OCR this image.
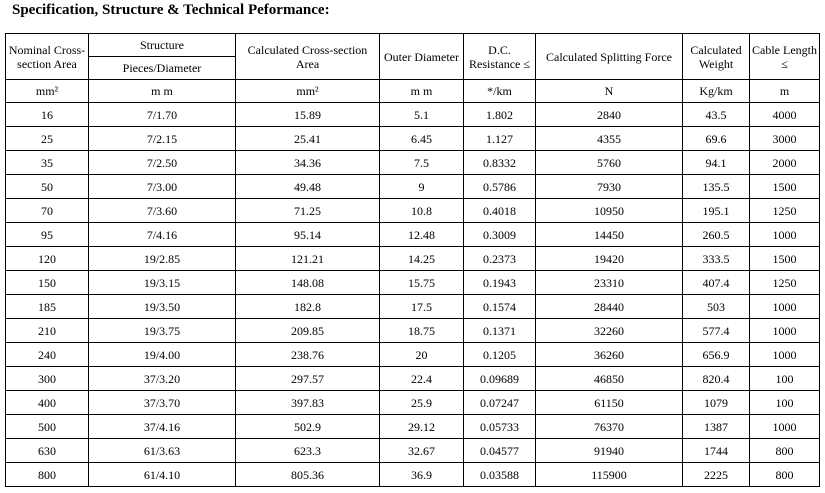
Specification, Structure & Technical Peformance:
Nominal Cross-section Area	Structure	Calculated Cross-section Area	Outer Diameter	D.C. Resistance ≤	Calculated Splitting Force	Calculated Weight	Cable Length ≤
	Pieces/Diameter						
mm²	m m	mm²	m m	*/km	N	Kg/km	m
16	7/1.70	15.89	5.1	1.802	2840	43.5	4000
25	7/2.15	25.41	6.45	1.127	4355	69.6	3000
35	7/2.50	34.36	7.5	0.8332	5760	94.1	2000
50	7/3.00	49.48	9	0.5786	7930	135.5	1500
70	7/3.60	71.25	10.8	0.4018	10950	195.1	1250
95	7/4.16	95.14	12.48	0.3009	14450	260.5	1000
120	19/2.85	121.21	14.25	0.2373	19420	333.5	1500
150	19/3.15	148.08	15.75	0.1943	23310	407.4	1250
185	19/3.50	182.8	17.5	0.1574	28440	503	1000
210	19/3.75	209.85	18.75	0.1371	32260	577.4	1000
240	19/4.00	238.76	20	0.1205	36260	656.9	1000
300	37/3.20	297.57	22.4	0.09689	46850	820.4	100
400	37/3.70	397.83	25.9	0.07247	61150	1079	100
500	37/4.16	502.9	29.12	0.05733	76370	1387	1000
630	61/3.63	623.3	32.67	0.04577	91940	1744	800
800	61/4.10	805.36	36.9	0.03588	115900	2225	800
